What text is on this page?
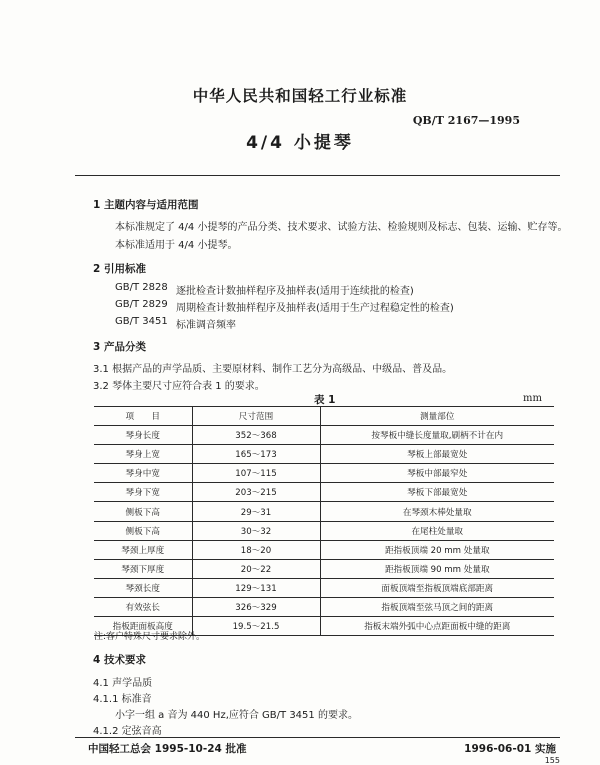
中华人民共和国轻工行业标准
QB/T 2167—1995
4/4 小提琴
1 主题内容与适用范围
本标准规定了 4/4 小提琴的产品分类、技术要求、试验方法、检验规则及标志、包装、运输、贮存等。
本标准适用于 4/4 小提琴。
2 引用标准
GB/T 2828 逐批检查计数抽样程序及抽样表(适用于连续批的检查)
GB/T 2829 周期检查计数抽样程序及抽样表(适用于生产过程稳定性的检查)
GB/T 3451 标准调音频率
3 产品分类
3.1 根据产品的声学品质、主要原材料、制作工艺分为高级品、中级品、普及品。
3.2 琴体主要尺寸应符合表 1 的要求。
表 1	mm
项　　目	尺寸范围	测量部位
琴身长度	352～368	按琴板中缝长度量取,刷柄不计在内
琴身上宽	165～173	琴板上部最宽处
琴身中宽	107～115	琴板中部最窄处
琴身下宽	203～215	琴板下部最宽处
侧板下高	29～31	在琴颈木棒处量取
侧板下高	30～32	在尾柱处量取
琴颈上厚度	18～20	距指板顶端 20 mm 处量取
琴颈下厚度	20～22	距指板顶端 90 mm 处量取
琴颈长度	129～131	面板顶端至指板顶端底部距离
有效弦长	326～329	指板顶端至弦马顶之间的距离
指板距面板高度	19.5～21.5	指板末端外弧中心点距面板中缝的距离
注:客户特殊尺寸要求除外。
4 技术要求
4.1 声学品质
4.1.1 标准音
小字一组 a 音为 440 Hz,应符合 GB/T 3451 的要求。
4.1.2 定弦音高
中国轻工总会 1995-10-24 批准	1996-06-01 实施
155
